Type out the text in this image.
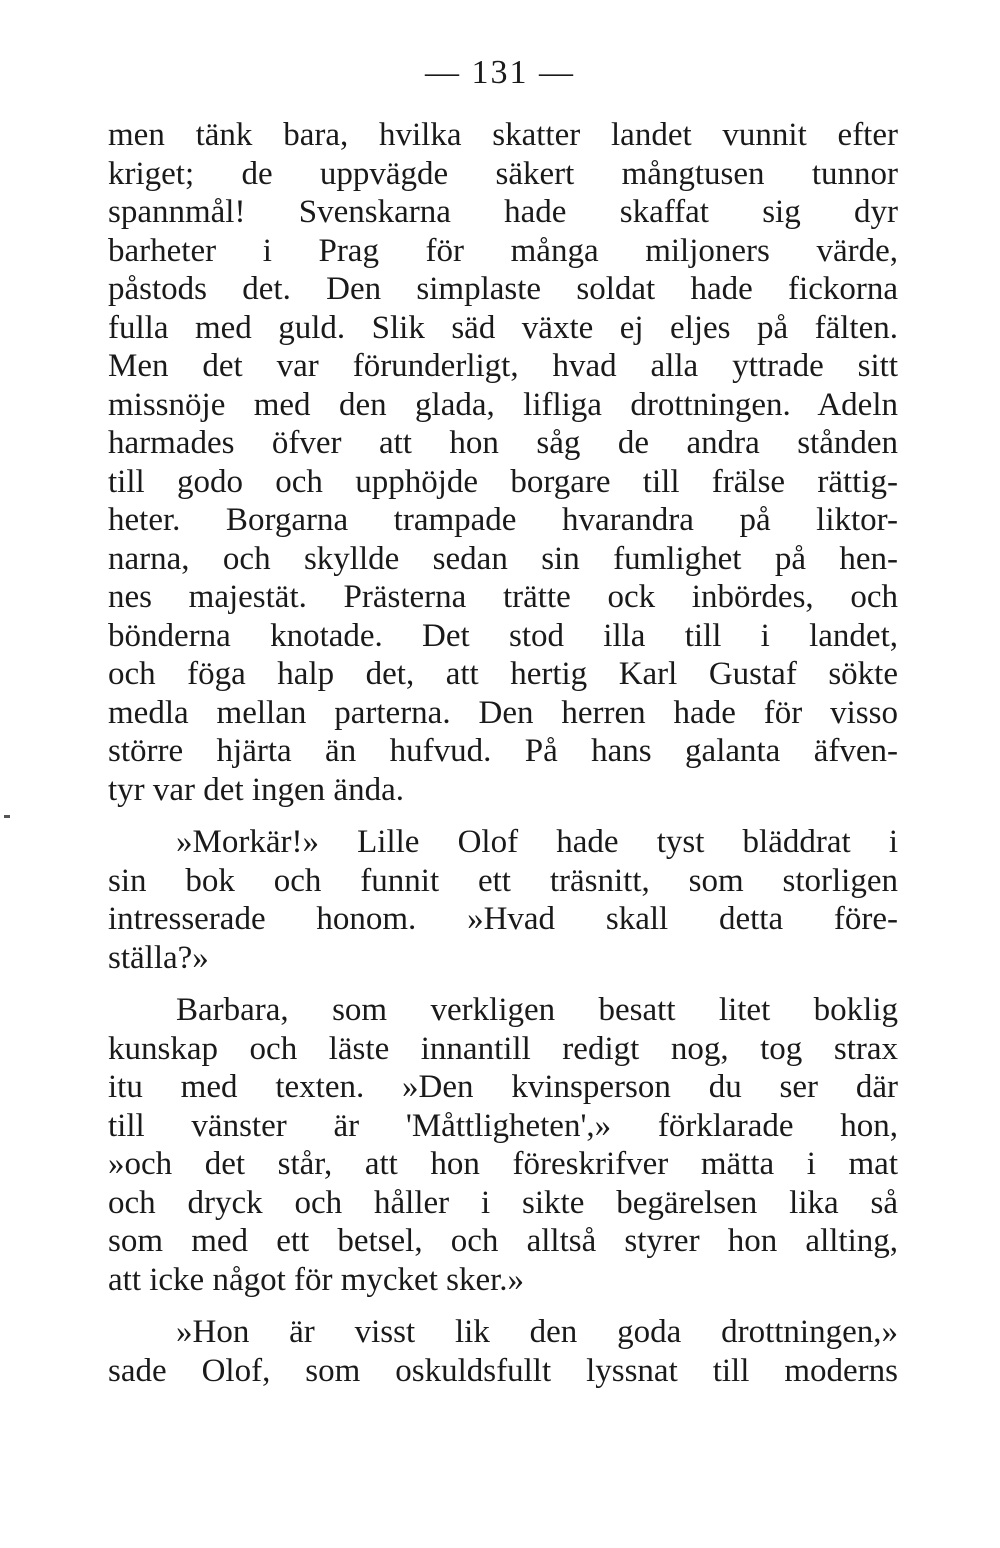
— 131 —
men tänk bara, hvilka skatter landet vunnit efter
kriget; de uppvägde säkert mångtusen tunnor
spannmål! Svenskarna hade skaffat sig dyr
barheter i Prag för många miljoners värde,
påstods det. Den simplaste soldat hade fickorna
fulla med guld. Slik säd växte ej eljes på fälten.
Men det var förunderligt, hvad alla yttrade sitt
missnöje med den glada, lifliga drottningen. Adeln
harmades öfver att hon såg de andra stånden
till godo och upphöjde borgare till frälse rättig-
heter. Borgarna trampade hvarandra på liktor-
narna, och skyllde sedan sin fumlighet på hen-
nes majestät. Prästerna trätte ock inbördes, och
bönderna knotade. Det stod illa till i landet,
och föga halp det, att hertig Karl Gustaf sökte
medla mellan parterna. Den herren hade för visso
större hjärta än hufvud. På hans galanta äfven-
tyr var det ingen ända.
»Morkär!» Lille Olof hade tyst bläddrat i
sin bok och funnit ett träsnitt, som storligen
intresserade honom. »Hvad skall detta före-
ställa?»
Barbara, som verkligen besatt litet boklig
kunskap och läste innantill redigt nog, tog strax
itu med texten. »Den kvinsperson du ser där
till vänster är 'Måttligheten',» förklarade hon,
»och det står, att hon föreskrifver mätta i mat
och dryck och håller i sikte begärelsen lika så
som med ett betsel, och alltså styrer hon allting,
att icke något för mycket sker.»
»Hon är visst lik den goda drottningen,»
sade Olof, som oskuldsfullt lyssnat till moderns
